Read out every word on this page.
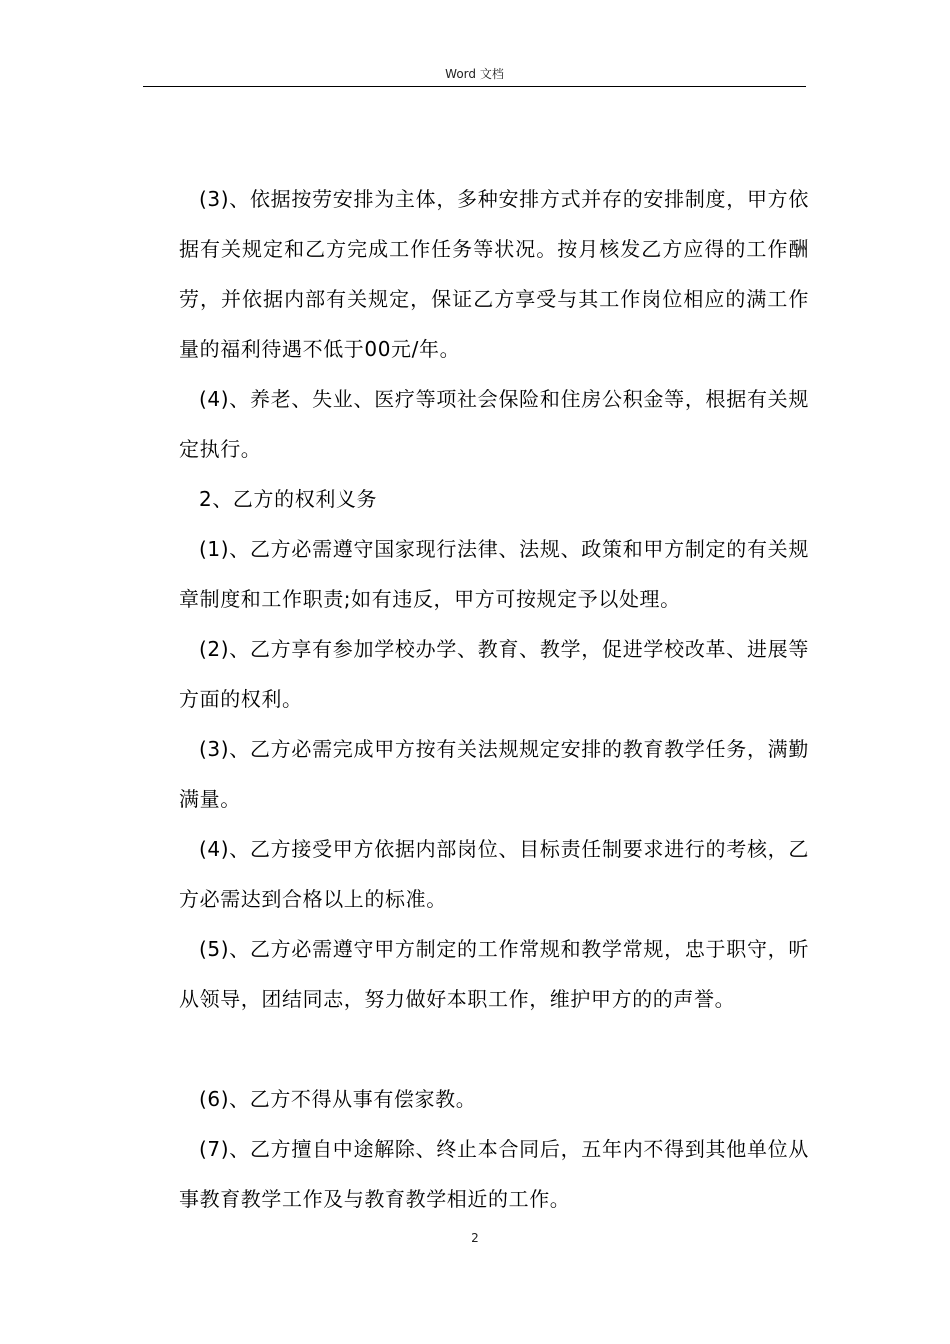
Word 文档

(3)、依据按劳安排为主体，多种安排方式并存的安排制度，甲方依据有关规定和乙方完成工作任务等状况。按月核发乙方应得的工作酬劳，并依据内部有关规定，保证乙方享受与其工作岗位相应的满工作量的福利待遇不低于00元/年。

(4)、养老、失业、医疗等项社会保险和住房公积金等，根据有关规定执行。

2、乙方的权利义务

(1)、乙方必需遵守国家现行法律、法规、政策和甲方制定的有关规章制度和工作职责;如有违反，甲方可按规定予以处理。

(2)、乙方享有参加学校办学、教育、教学，促进学校改革、进展等方面的权利。

(3)、乙方必需完成甲方按有关法规规定安排的教育教学任务，满勤满量。

(4)、乙方接受甲方依据内部岗位、目标责任制要求进行的考核，乙方必需达到合格以上的标准。

(5)、乙方必需遵守甲方制定的工作常规和教学常规，忠于职守，听从领导，团结同志，努力做好本职工作，维护甲方的的声誉。

(6)、乙方不得从事有偿家教。

(7)、乙方擅自中途解除、终止本合同后，五年内不得到其他单位从事教育教学工作及与教育教学相近的工作。

2
